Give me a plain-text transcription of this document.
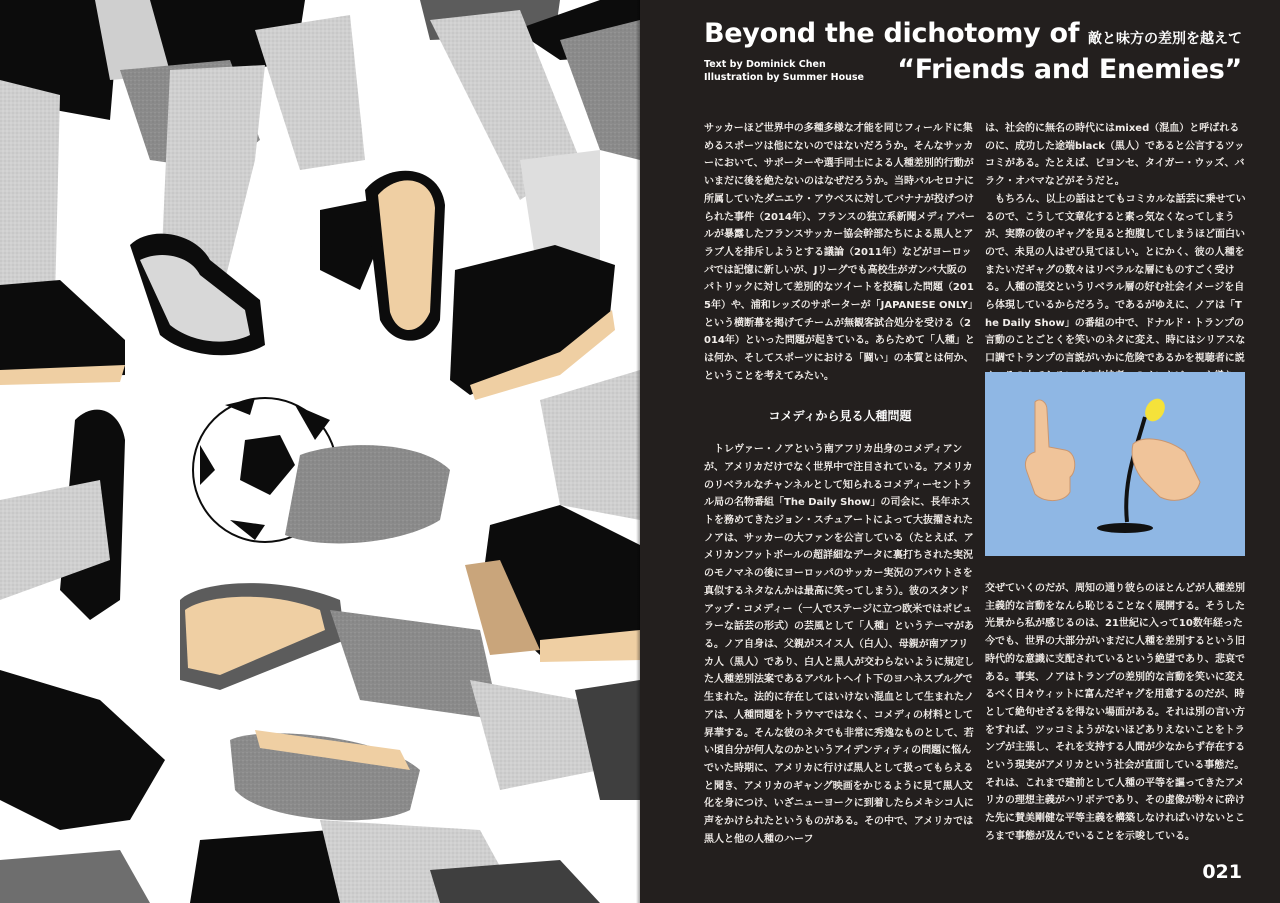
Beyond the dichotomy of 敵と味方の差別を越えて
“Friends and Enemies”
Text by Dominick Chen
Illustration by Summer House

サッカーほど世界中の多種多様な才能を同じフィールドに集めるスポーツは他にないのではないだろうか。そんなサッカーにおいて、サポーターや選手同士による人種差別的行動がいまだに後を絶たないのはなぜだろうか。当時バルセロナに所属していたダニエウ・アウベスに対してバナナが投げつけられた事件（2014年）、フランスの独立系新聞メディアパールが暴露したフランスサッカー協会幹部たちによる黒人とアラブ人を排斥しようとする議論（2011年）などがヨーロッパでは記憶に新しいが、Jリーグでも高校生がガンバ大阪のパトリックに対して差別的なツイートを投稿した問題（2015年）や、浦和レッズのサポーターが「JAPANESE ONLY」という横断幕を掲げてチームが無観客試合処分を受ける（2014年）といった問題が起きている。あらためて「人種」とは何か、そしてスポーツにおける「闘い」の本質とは何か、ということを考えてみたい。

コメディから見る人種問題

トレヴァー・ノアという南アフリカ出身のコメディアンが、アメリカだけでなく世界中で注目されている。アメリカのリベラルなチャンネルとして知られるコメディーセントラル局の名物番組「The Daily Show」の司会に、長年ホストを務めてきたジョン・スチュアートによって大抜擢されたノアは、サッカーの大ファンを公言している（たとえば、アメリカンフットボールの超詳細なデータに裏打ちされた実況のモノマネの後にヨーロッパのサッカー実況のアバウトさを真似するネタなんかは最高に笑ってしまう）。彼のスタンドアップ・コメディー（一人でステージに立つ欧米ではポピュラーな話芸の形式）の芸風として「人種」というテーマがある。ノア自身は、父親がスイス人（白人）、母親が南アフリカ人（黒人）であり、白人と黒人が交わらないように規定した人種差別法案であるアパルトヘイト下のヨハネスブルグで生まれた。法的に存在してはいけない混血として生まれたノアは、人種問題をトラウマではなく、コメディの材料として昇華する。そんな彼のネタでも非常に秀逸なものとして、若い頃自分が何人なのかというアイデンティティの問題に悩んでいた時期に、アメリカに行けば黒人として扱ってもらえると聞き、アメリカのギャング映画をかじるように見て黒人文化を身につけ、いざニューヨークに到着したらメキシコ人に声をかけられたというものがある。その中で、アメリカでは黒人と他の人種のハーフ

は、社会的に無名の時代にはmixed（混血）と呼ばれるのに、成功した途端black（黒人）であると公言するツッコミがある。たとえば、ビヨンセ、タイガー・ウッズ、バラク・オバマなどがそうだと。

もちろん、以上の話はとてもコミカルな話芸に乗せているので、こうして文章化すると素っ気なくなってしまうが、実際の彼のギャグを見ると抱腹してしまうほど面白いので、未見の人はぜひ見てほしい。とにかく、彼の人種をまたいだギャグの数々はリベラルな層にものすごく受ける。人種の混交というリベラル層の好む社会イメージを自ら体現しているからだろう。であるがゆえに、ノアは「The Daily Show」の番組の中で、ドナルド・トランプの言動のことごとくを笑いのネタに変え、時にはシリアスな口調でトランプの言説がいかに危険であるかを視聴者に説

交ぜていくのだが、周知の通り彼らのほとんどが人種差別主義的な言動をなんら恥じることなく展開する。そうした光景から私が感じるのは、21世紀に入って10数年経った今でも、世界の大部分がいまだに人種を差別するという旧時代的な意識に支配されているという絶望であり、悲哀である。事実、ノアはトランプの差別的な言動を笑いに変えるべく日々ウィットに富んだギャグを用意するのだが、時として絶句せざるを得ない場面がある。それは別の言い方をすれば、ツッコミようがないほどありえないことをトランプが主張し、それを支持する人間が少なからず存在するという現実がアメリカという社会が直面している事態だ。それは、これまで建前として人種の平等を謳ってきたアメリカの理想主義がハリボテであり、その虚像が粉々に砕けた先に賛美剛健な平等主義を構築しなければいけないところまで事態が及んでいることを示唆している。

021
